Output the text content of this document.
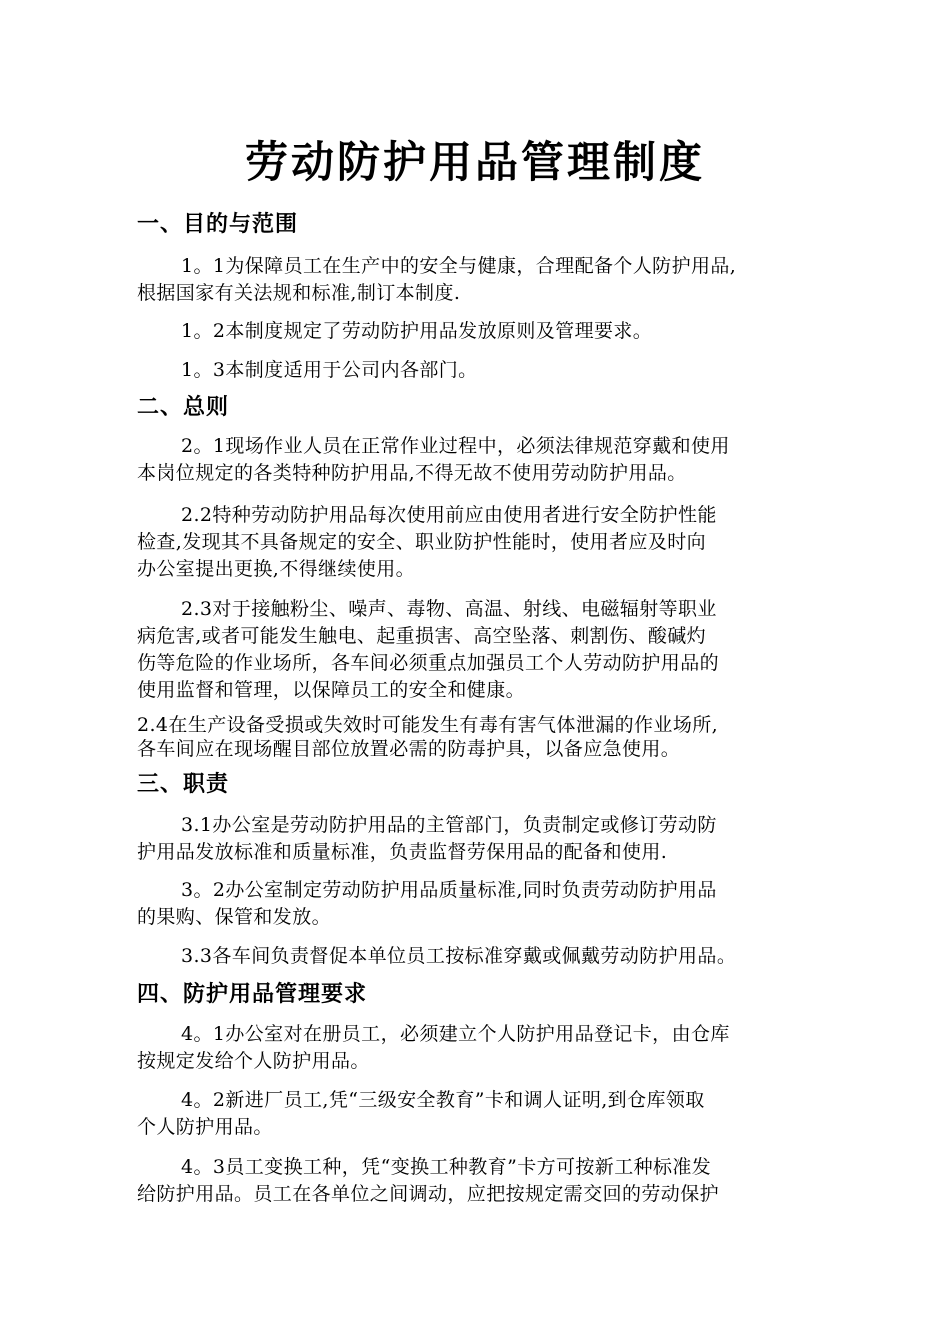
劳动防护用品管理制度
一、目的与范围
1。1为保障员工在生产中的安全与健康，合理配备个人防护用品,
根据国家有关法规和标准,制订本制度.
1。2本制度规定了劳动防护用品发放原则及管理要求。
1。3本制度适用于公司内各部门。
二、总则
2。1现场作业人员在正常作业过程中，必须法律规范穿戴和使用
本岗位规定的各类特种防护用品,不得无故不使用劳动防护用品。
2.2特种劳动防护用品每次使用前应由使用者进行安全防护性能
检查,发现其不具备规定的安全、职业防护性能时，使用者应及时向
办公室提出更换,不得继续使用。
2.3对于接触粉尘、噪声、毒物、高温、射线、电磁辐射等职业
病危害,或者可能发生触电、起重损害、高空坠落、刺割伤、酸碱灼
伤等危险的作业场所，各车间必须重点加强员工个人劳动防护用品的
使用监督和管理，以保障员工的安全和健康。
2.4在生产设备受损或失效时可能发生有毒有害气体泄漏的作业场所,
各车间应在现场醒目部位放置必需的防毒护具，以备应急使用。
三、职责
3.1办公室是劳动防护用品的主管部门，负责制定或修订劳动防
护用品发放标准和质量标准，负责监督劳保用品的配备和使用.
3。2办公室制定劳动防护用品质量标准,同时负责劳动防护用品
的果购、保管和发放。
3.3各车间负责督促本单位员工按标准穿戴或佩戴劳动防护用品。
四、防护用品管理要求
4。1办公室对在册员工，必须建立个人防护用品登记卡，由仓库
按规定发给个人防护用品。
4。2新进厂员工,凭“三级安全教育”卡和调人证明,到仓库领取
个人防护用品。
4。3员工变换工种，凭“变换工种教育”卡方可按新工种标准发
给防护用品。员工在各单位之间调动，应把按规定需交回的劳动保护
